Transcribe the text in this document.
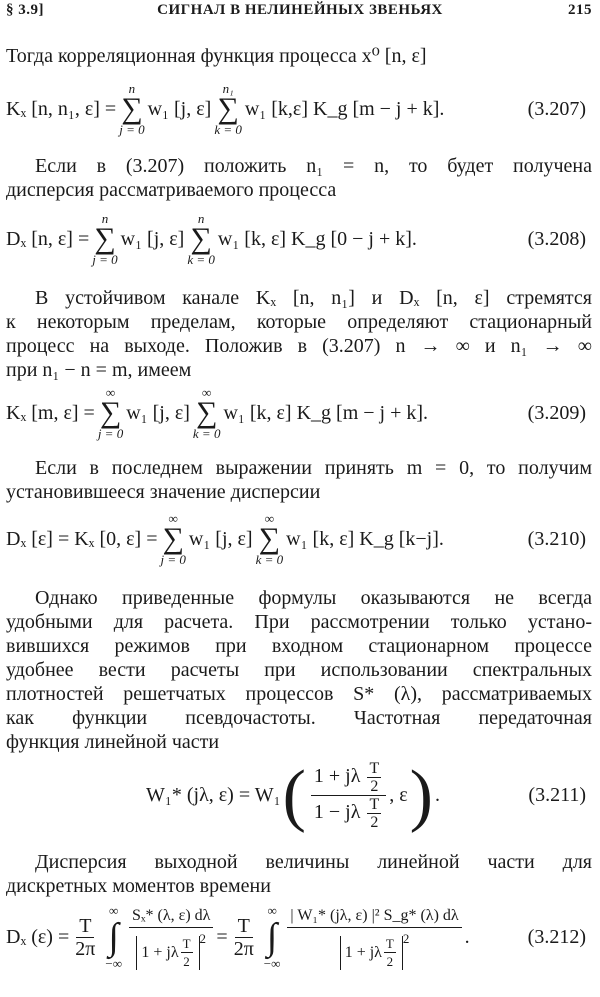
§ 3.9]	СИГНАЛ В НЕЛИНЕЙНЫХ ЗВЕНЬЯХ	215
Тогда корреляционная функция процесса x⁰ [n, ε]
Kₓ [n, n₁, ε] =
n
∑
j = 0
w₁ [j, ε]
n₁
∑
k = 0
w₁ [k,ε] K_g [m − j + k].	(3.207)
Если в (3.207) положить n₁ = n, то будет получена
дисперсия рассматриваемого процесса
Dₓ [n, ε] =
n
∑
j = 0
w₁ [j, ε]
n
∑
k = 0
w₁ [k, ε] K_g [0 − j + k].	(3.208)
В устойчивом канале Kₓ [n, n₁] и Dₓ [n, ε] стремятся
к некоторым пределам, которые определяют стационарный
процесс на выходе. Положив в (3.207) n → ∞ и n₁ → ∞
при n₁ − n = m, имеем
Kₓ [m, ε] =
∞
∑
j = 0
w₁ [j, ε]
∞
∑
k = 0
w₁ [k, ε] K_g [m − j + k].	(3.209)
Если в последнем выражении принять m = 0, то получим
установившееся значение дисперсии
Dₓ [ε] = Kₓ [0, ε] =
∞
∑
j = 0
w₁ [j, ε]
∞
∑
k = 0
w₁ [k, ε] K_g [k−j].	(3.210)
Однако приведенные формулы оказываются не всегда
удобными для расчета. При рассмотрении только устано-
вившихся режимов при входном стационарном процессе
удобнее вести расчеты при использовании спектральных
плотностей решетчатых процессов S* (λ), рассматриваемых
как функции псевдочастоты. Частотная передаточная
функция линейной части
W₁* (jλ, ε) = W₁ ( $\frac{1 + j\lambda \frac{T}{2}}{1 - j\lambda \frac{T}{2}}$ , ε ) .	(3.211)
Дисперсия выходной величины линейной части для
дискретных моментов времени
Dₓ $(\varepsilon) = \frac{T}{2\pi}$
∞
∫
−∞ $\frac{\text{Sₓ* (λ, ε) dλ}}{1 + j\lambda \frac{T}{2} ^2} = \frac{T}{2\pi}$
∞
∫
−∞ $\frac{\text{| W₁* (jλ, ε) |² S\_g* (λ) dλ}}{1 + j\lambda \frac{T}{2} ^2}$ .	(3.212)
